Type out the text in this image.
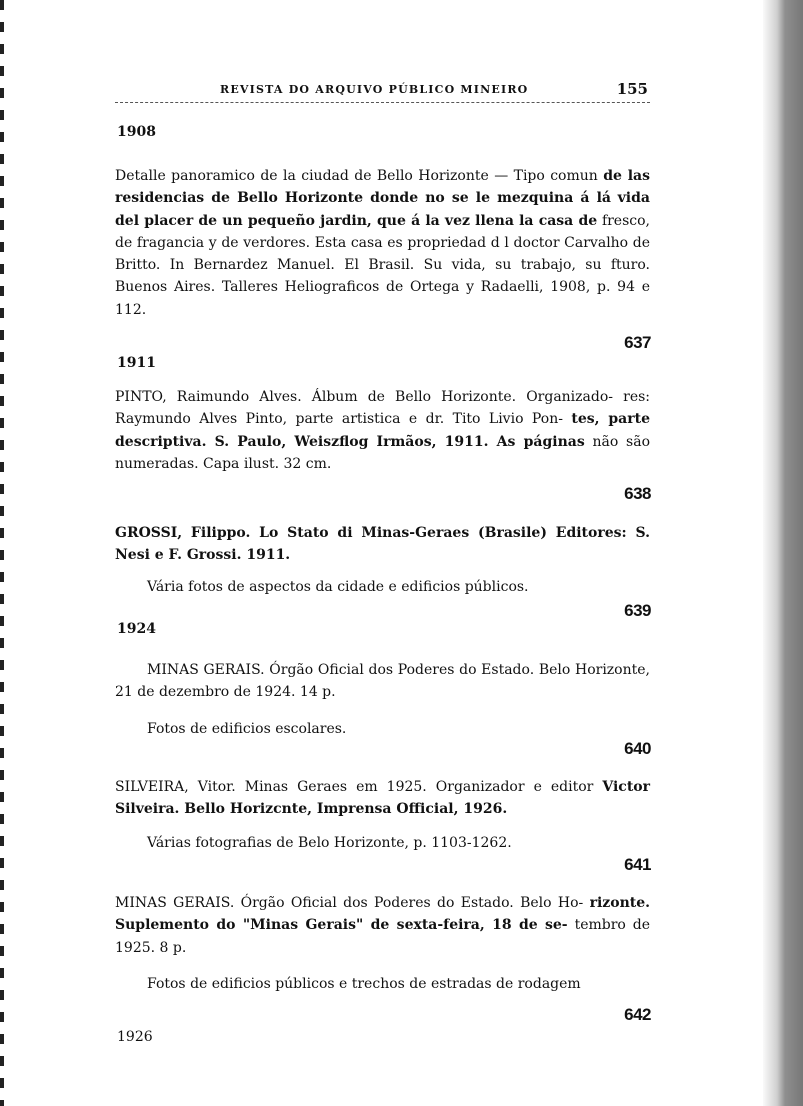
REVISTA DO ARQUIVO PÚBLICO MINEIRO	155
1908

Detalle panoramico de la ciudad de Bello Horizonte — Tipo comun de las residencias de Bello Horizonte donde no se le mezquina á lá vida del placer de un pequeño jardin, que á la vez llena la casa de fresco, de fragancia y de verdores. Esta casa es propriedad d l doctor Carvalho de Britto. In Bernardez Manuel. El Brasil. Su vida, su trabajo, su fturo. Buenos Aires. Talleres Heliograficos de Ortega y Radaelli, 1908, p. 94 e 112.

637
1911

PINTO, Raimundo Alves. Álbum de Bello Horizonte. Organizado- res: Raymundo Alves Pinto, parte artistica e dr. Tito Livio Pon- tes, parte descriptiva. S. Paulo, Weiszflog Irmãos, 1911. As páginas não são numeradas. Capa ilust. 32 cm.

638

GROSSI, Filippo. Lo Stato di Minas-Geraes (Brasile) Editores: S. Nesi e F. Grossi. 1911.

Vária fotos de aspectos da cidade e edificios públicos.

639
1924

MINAS GERAIS. Órgão Oficial dos Poderes do Estado. Belo Horizonte, 21 de dezembro de 1924. 14 p.

Fotos de edificios escolares.

640

SILVEIRA, Vitor. Minas Geraes em 1925. Organizador e editor Victor Silveira. Bello Horizcnte, Imprensa Official, 1926.

Várias fotografias de Belo Horizonte, p. 1103-1262.

641

MINAS GERAIS. Órgão Oficial dos Poderes do Estado. Belo Ho- rizonte. Suplemento do "Minas Gerais" de sexta-feira, 18 de se- tembro de 1925. 8 p.

Fotos de edificios públicos e trechos de estradas de rodagem

642
1926
